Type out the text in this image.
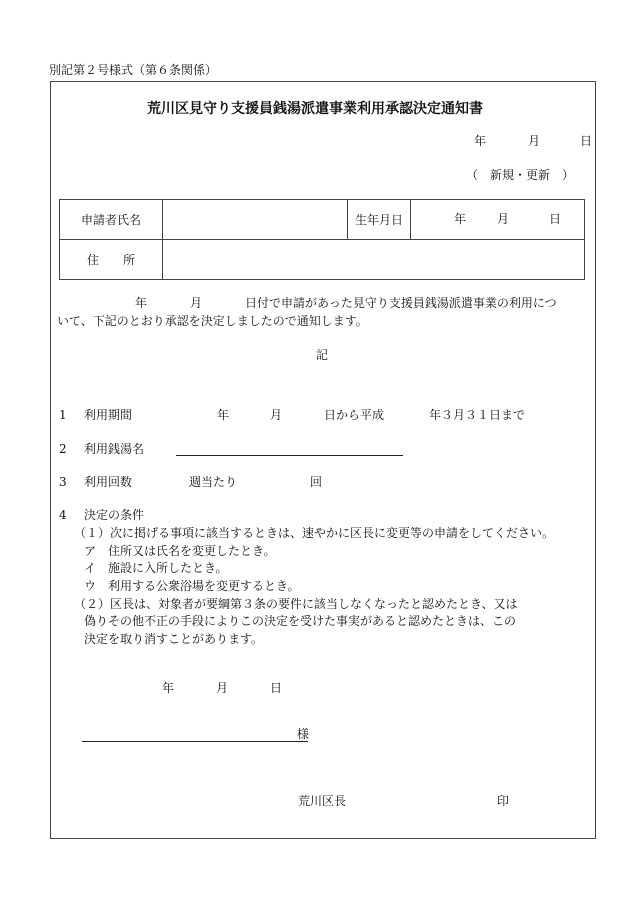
別記第２号様式（第６条関係）
荒川区見守り支援員銭湯派遣事業利用承認決定通知書
年	月	日
（　新規・更新　）
申請者氏名		生年月日	年 月 日

住　　所			
年	月	日付で申請があった見守り支援員銭湯派遣事業の利用につ
いて、下記のとおり承認を決定しましたので通知します。
記
1 利用期間	年	月	日から平成	年３月３１日まで
2 利用銭湯名
3 利用回数	週当たり	回
4 決定の条件
（１）次に掲げる事項に該当するときは、速やかに区長に変更等の申請をしてください。
ア　住所又は氏名を変更したとき。
イ　施設に入所したとき。
ウ　利用する公衆浴場を変更するとき。
（２）区長は、対象者が要綱第３条の要件に該当しなくなったと認めたとき、又は
偽りその他不正の手段によりこの決定を受けた事実があると認めたときは、この
決定を取り消すことがあります。
年	月	日
様
荒川区長	印
